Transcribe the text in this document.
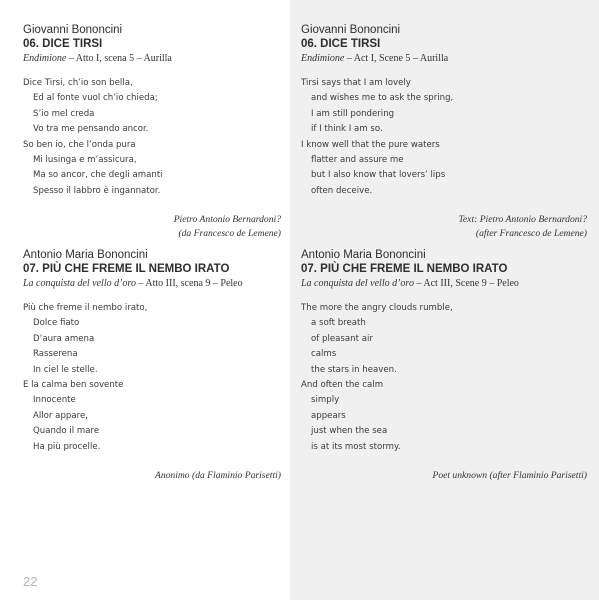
Giovanni Bononcini
06. DICE TIRSI
Endimione – Atto I, scena 5 – Aurilla
Dice Tirsi, ch’io son bella,
Ed al fonte vuol ch’io chieda;
S’io mel creda
Vo tra me pensando ancor.
So ben io, che l’onda pura
Mi lusinga e m’assicura,
Ma so ancor, che degli amanti
Spesso il labbro è ingannator.
Pietro Antonio Bernardoni?
(da Francesco de Lemene)
Antonio Maria Bononcini
07. PIÙ CHE FREME IL NEMBO IRATO
La conquista del vello d’oro – Atto III, scena 9 – Peleo
Più che freme il nembo irato,
Dolce fiato
D’aura amena
Rasserena
In ciel le stelle.
E la calma ben sovente
Innocente
Allor appare,
Quando il mare
Ha più procelle.
Anonimo (da Flaminio Parisetti)
22
Giovanni Bononcini
06. DICE TIRSI
Endimione – Act I, Scene 5 – Aurilla
Tirsi says that I am lovely
and wishes me to ask the spring,
I am still pondering
if I think I am so.
I know well that the pure waters
flatter and assure me
but I also know that lovers’ lips
often deceive.
Text: Pietro Antonio Bernardoni?
(after Francesco de Lemene)
Antonio Maria Bononcini
07. PIÙ CHE FREME IL NEMBO IRATO
La conquista del vello d’oro – Act III, Scene 9 – Peleo
The more the angry clouds rumble,
a soft breath
of pleasant air
calms
the stars in heaven.
And often the calm
simply
appears
just when the sea
is at its most stormy.
Poet unknown (after Flaminio Parisetti)
